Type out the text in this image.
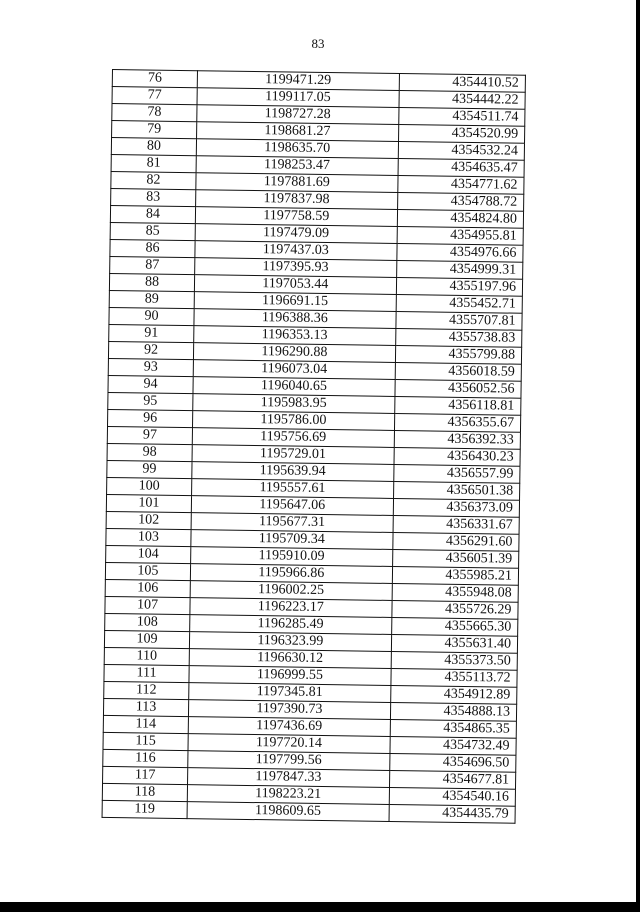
83
76	1199471.29	4354410.52
77	1199117.05	4354442.22
78	1198727.28	4354511.74
79	1198681.27	4354520.99
80	1198635.70	4354532.24
81	1198253.47	4354635.47
82	1197881.69	4354771.62
83	1197837.98	4354788.72
84	1197758.59	4354824.80
85	1197479.09	4354955.81
86	1197437.03	4354976.66
87	1197395.93	4354999.31
88	1197053.44	4355197.96
89	1196691.15	4355452.71
90	1196388.36	4355707.81
91	1196353.13	4355738.83
92	1196290.88	4355799.88
93	1196073.04	4356018.59
94	1196040.65	4356052.56
95	1195983.95	4356118.81
96	1195786.00	4356355.67
97	1195756.69	4356392.33
98	1195729.01	4356430.23
99	1195639.94	4356557.99
100	1195557.61	4356501.38
101	1195647.06	4356373.09
102	1195677.31	4356331.67
103	1195709.34	4356291.60
104	1195910.09	4356051.39
105	1195966.86	4355985.21
106	1196002.25	4355948.08
107	1196223.17	4355726.29
108	1196285.49	4355665.30
109	1196323.99	4355631.40
110	1196630.12	4355373.50
111	1196999.55	4355113.72
112	1197345.81	4354912.89
113	1197390.73	4354888.13
114	1197436.69	4354865.35
115	1197720.14	4354732.49
116	1197799.56	4354696.50
117	1197847.33	4354677.81
118	1198223.21	4354540.16
119	1198609.65	4354435.79
